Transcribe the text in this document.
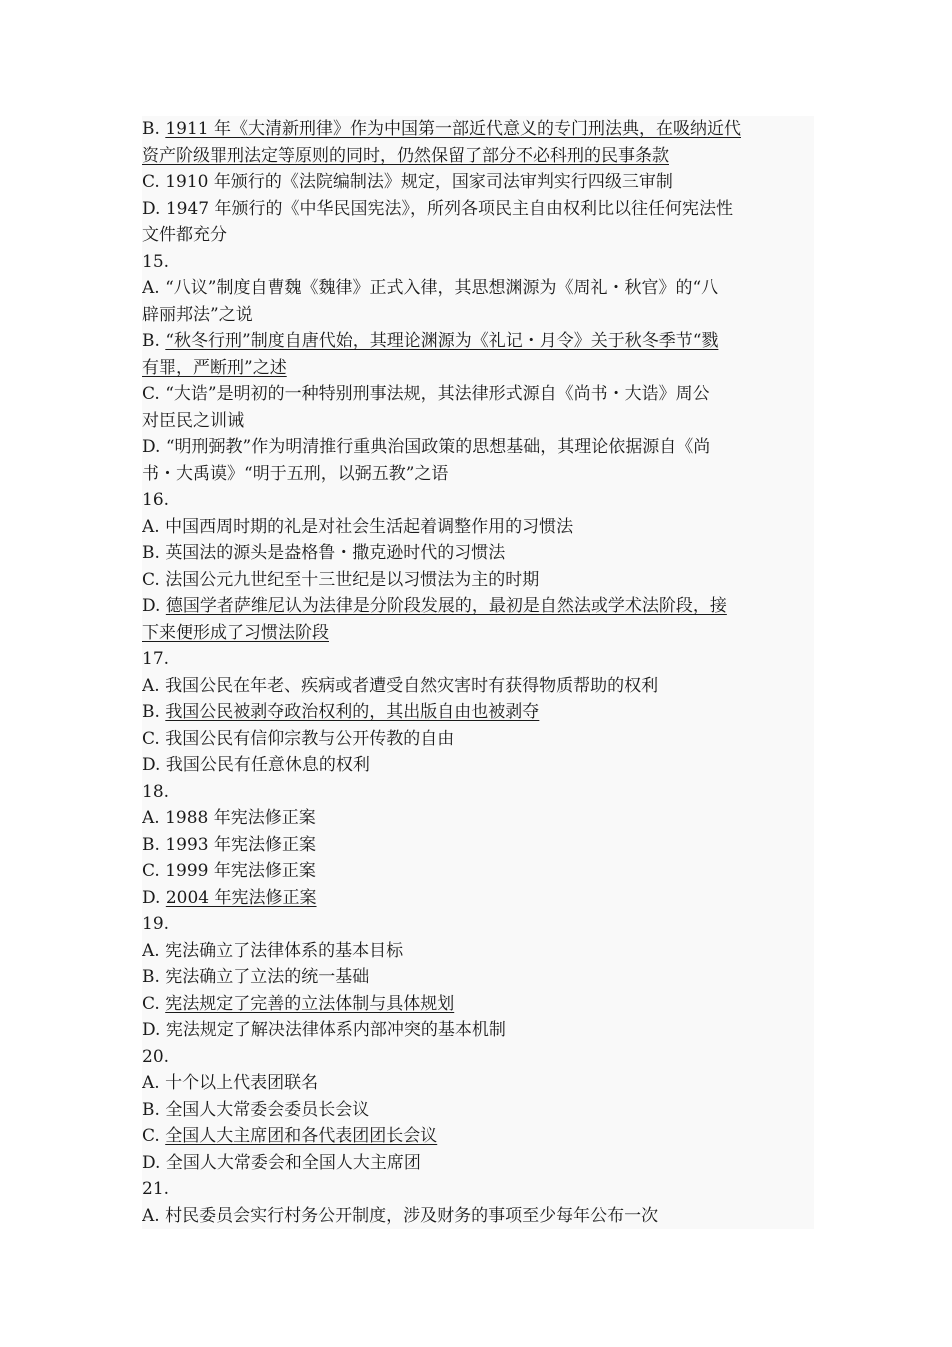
B. 1911 年《大清新刑律》作为中国第一部近代意义的专门刑法典，在吸纳近代
资产阶级罪刑法定等原则的同时，仍然保留了部分不必科刑的民事条款
C. 1910 年颁行的《法院编制法》规定，国家司法审判实行四级三审制
D. 1947 年颁行的《中华民国宪法》，所列各项民主自由权利比以往任何宪法性
文件都充分
15.
A. “八议”制度自曹魏《魏律》正式入律，其思想渊源为《周礼・秋官》的“八
辟丽邦法”之说
B. “秋冬行刑”制度自唐代始，其理论渊源为《礼记・月令》关于秋冬季节“戮
有罪，严断刑”之述
C. “大诰”是明初的一种特别刑事法规，其法律形式源自《尚书・大诰》周公
对臣民之训诫
D. “明刑弼教”作为明清推行重典治国政策的思想基础，其理论依据源自《尚
书・大禹谟》“明于五刑，以弼五教”之语
16.
A. 中国西周时期的礼是对社会生活起着调整作用的习惯法
B. 英国法的源头是盎格鲁・撒克逊时代的习惯法
C. 法国公元九世纪至十三世纪是以习惯法为主的时期
D. 德国学者萨维尼认为法律是分阶段发展的，最初是自然法或学术法阶段，接
下来便形成了习惯法阶段
17.
A. 我国公民在年老、疾病或者遭受自然灾害时有获得物质帮助的权利
B. 我国公民被剥夺政治权利的，其出版自由也被剥夺
C. 我国公民有信仰宗教与公开传教的自由
D. 我国公民有任意休息的权利
18.
A. 1988 年宪法修正案
B. 1993 年宪法修正案
C. 1999 年宪法修正案
D. 2004 年宪法修正案
19.
A. 宪法确立了法律体系的基本目标
B. 宪法确立了立法的统一基础
C. 宪法规定了完善的立法体制与具体规划
D. 宪法规定了解决法律体系内部冲突的基本机制
20.
A. 十个以上代表团联名
B. 全国人大常委会委员长会议
C. 全国人大主席团和各代表团团长会议
D. 全国人大常委会和全国人大主席团
21.
A. 村民委员会实行村务公开制度，涉及财务的事项至少每年公布一次
